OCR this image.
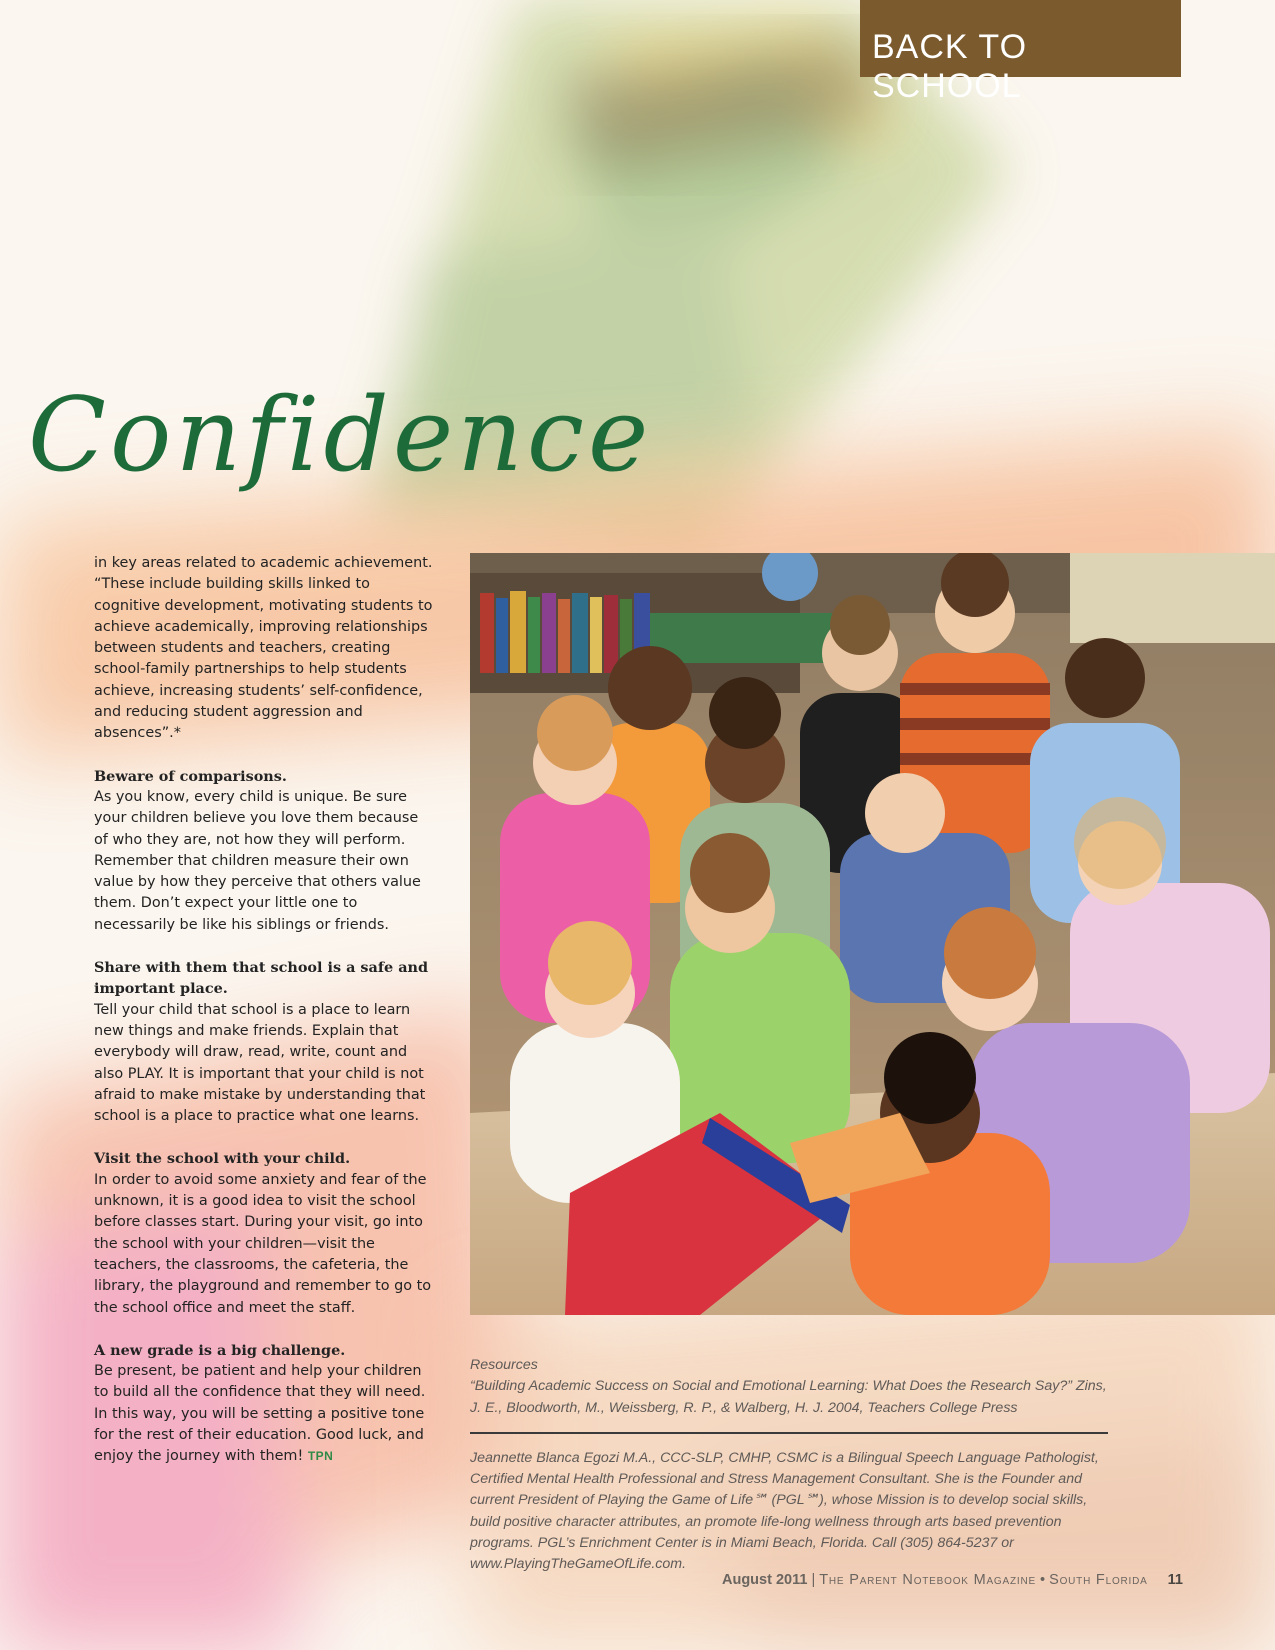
BACK TO SCHOOL
Confidence

in key areas related to academic achievement. “These include building skills linked to cognitive development, motivating students to achieve academically, improving relationships between students and teachers, creating school-family partnerships to help students achieve, increasing students’ self-confidence, and reducing student aggression and absences”.*

Beware of comparisons.
As you know, every child is unique. Be sure your children believe you love them because of who they are, not how they will perform. Remember that children measure their own value by how they perceive that others value them. Don’t expect your little one to necessarily be like his siblings or friends.

Share with them that school is a safe and important place.
Tell your child that school is a place to learn new things and make friends. Explain that everybody will draw, read, write, count and also PLAY. It is important that your child is not afraid to make mistake by understanding that school is a place to practice what one learns.

Visit the school with your child.
In order to avoid some anxiety and fear of the unknown, it is a good idea to visit the school before classes start. During your visit, go into the school with your children—visit the teachers, the classrooms, the cafeteria, the library, the playground and remember to go to the school office and meet the staff.

A new grade is a big challenge.
Be present, be patient and help your children to build all the confidence that they will need. In this way, you will be setting a positive tone for the rest of their education. Good luck, and enjoy the journey with them! TPN

Resources

“Building Academic Success on Social and Emotional Learning: What Does the Research Say?” Zins, J. E., Bloodworth, M., Weissberg, R. P., & Walberg, H. J. 2004, Teachers College Press

Jeannette Blanca Egozi M.A., CCC-SLP, CMHP, CSMC is a Bilingual Speech Language Pathologist, Certified Mental Health Professional and Stress Management Consultant. She is the Founder and current President of Playing the Game of Life℠ (PGL℠), whose Mission is to develop social skills, build positive character attributes, an promote life-long wellness through arts based prevention programs. PGL’s Enrichment Center is in Miami Beach, Florida. Call (305) 864-5237 or www.PlayingTheGameOfLife.com.

August 2011 | The Parent Notebook Magazine • South Florida 11
